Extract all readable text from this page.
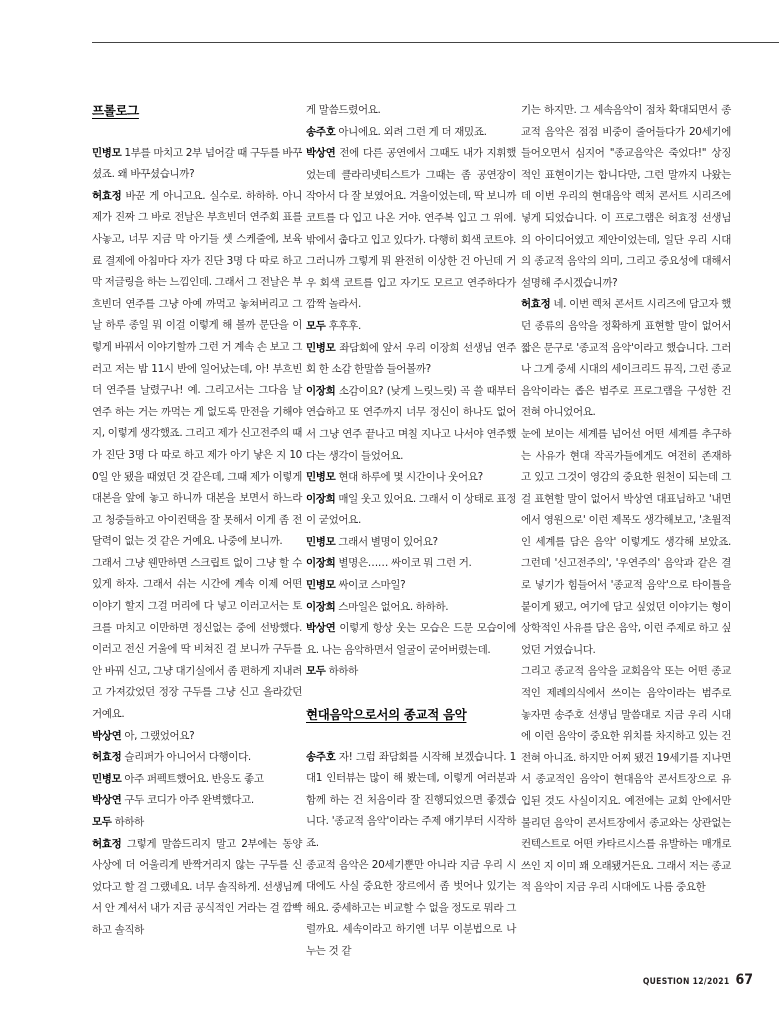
프롤로그

민병모 1부를 마치고 2부 넘어갈 때 구두를 바꾸셨죠. 왜 바꾸셨습니까?

허효정 바꾼 게 아니고요. 실수로. 하하하. 아니 제가 진짜 그 바로 전날은 부흐빈더 연주회 표를 사놓고, 너무 지금 막 아기들 셋 스케줄에, 보육료 결제에 아침마다 자가 진단 3명 다 따로 하고 막 저글링을 하는 느낌인데. 그래서 그 전날은 부흐빈더 연주를 그냥 아예 까먹고 놓쳐버리고 그날 하루 종일 뭐 이걸 이렇게 해 볼까 문단을 이렇게 바꿔서 이야기할까 그런 거 계속 손 보고 그러고 저는 밤 11시 반에 일어났는데, 아! 부흐빈더 연주를 날렸구나! 예. 그리고서는 그다음 날 연주 하는 거는 까먹는 게 없도록 만전을 기해야지, 이렇게 생각했죠. 그리고 제가 신고전주의 때가 진단 3명 다 따로 하고 제가 아기 낳은 지 100일 안 됐을 때였던 것 같은데, 그때 제가 이렇게 대본을 앞에 놓고 하니까 대본을 보면서 하느라고 청중들하고 아이컨택을 잘 못해서 이게 좀 전달력이 없는 것 같은 거예요. 나중에 보니까.

그래서 그냥 웬만하면 스크립트 없이 그냥 할 수 있게 하자. 그래서 쉬는 시간에 계속 이제 어떤 이야기 할지 그걸 머리에 다 넣고 이러고서는 토크를 마치고 이만하면 정신없는 중에 선방했다. 이러고 전신 거울에 딱 비쳐진 걸 보니까 구두를 안 바꿔 신고, 그냥 대기실에서 좀 편하게 지내려고 가져갔었던 정장 구두를 그냥 신고 올라갔던 거예요.

박상연 아, 그랬었어요?

허효정 슬리퍼가 아니어서 다행이다.

민병모 아주 퍼펙트했어요. 반응도 좋고

박상연 구두 코디가 아주 완벽했다고.

모두 하하하

허효정 그렇게 말씀드리지 말고 2부에는 동양 사상에 더 어울리게 반짝거리지 않는 구두를 신었다고 할 걸 그랬네요. 너무 솔직하게. 선생님께서 안 계셔서 내가 지금 공식적인 거라는 걸 깜빡하고 솔직하

게 말씀드렸어요.

송주호 아니에요. 외려 그런 게 더 재밌죠.

박상연 전에 다른 공연에서 그때도 내가 지휘했었는데 클라리넷티스트가 그때는 좀 공연장이 작아서 다 잘 보였어요. 겨울이었는데, 딱 보니까 코트를 다 입고 나온 거야. 연주복 입고 그 위에. 밖에서 춥다고 입고 있다가. 다행히 회색 코트야. 그러니까 그렇게 뭐 완전히 이상한 건 아닌데 거우 회색 코트를 입고 자기도 모르고 연주하다가 깜짝 놀라서.

모두 후후후.

민병모 좌담회에 앞서 우리 이장희 선생님 연주회 한 소감 한말씀 들어볼까?

이장희 소감이요? (낮게 느릿느릿) 곡 쓸 때부터 연습하고 또 연주까지 너무 정신이 하나도 없어서 그냥 연주 끝나고 며칠 지나고 나서야 연주했다는 생각이 들었어요.

민병모 현대 하루에 몇 시간이나 웃어요?

이장희 매일 웃고 있어요. 그래서 이 상태로 표정이 굳었어요.

민병모 그래서 별명이 있어요?

이장희 별명은…… 싸이코 뭐 그런 거.

민병모 싸이코 스마일?

이장희 스마일은 없어요. 하하하.

박상연 이렇게 항상 웃는 모습은 드문 모습이에요. 나는 음악하면서 얼굴이 굳어버렸는데.

모두 하하하

현대음악으로서의 종교적 음악

송주호 자! 그럼 좌담회를 시작해 보겠습니다. 1대1 인터뷰는 많이 해 봤는데, 이렇게 여러분과 함께 하는 건 처음이라 잘 진행되었으면 좋겠습니다. '종교적 음악'이라는 주제 얘기부터 시작하죠.

종교적 음악은 20세기뿐만 아니라 지금 우리 시대에도 사실 중요한 장르에서 좀 벗어나 있기는 해요. 중세하고는 비교할 수 없을 정도로 뭐라 그럴까요. 세속이라고 하기엔 너무 이분법으로 나누는 것 같

기는 하지만. 그 세속음악이 점차 확대되면서 종교적 음악은 점점 비중이 줄어들다가 20세기에 들어오면서 심지어 "종교음악은 죽었다!" 상징적인 표현이기는 합니다만, 그런 말까지 나왔는데 이번 우리의 현대음악 렉처 콘서트 시리즈에 넣게 되었습니다. 이 프로그램은 허효정 선생님의 아이디어였고 제안이었는데, 일단 우리 시대의 종교적 음악의 의미, 그리고 중요성에 대해서 설명해 주시겠습니까?

허효정 네. 이번 렉처 콘서트 시리즈에 담고자 했던 종류의 음악을 정확하게 표현할 말이 없어서 짧은 문구로 '종교적 음악'이라고 했습니다. 그러나 그게 중세 시대의 세이크리드 뮤직, 그런 종교음악이라는 좁은 범주로 프로그램을 구성한 건 전혀 아니었어요.

눈에 보이는 세계를 넘어선 어떤 세계를 추구하는 사유가 현대 작곡가들에게도 여전히 존재하고 있고 그것이 영감의 중요한 원천이 되는데 그걸 표현할 말이 없어서 박상연 대표님하고 '내면에서 영원으로' 이런 제목도 생각해보고, '초월적인 세계를 담은 음악' 이렇게도 생각해 보았죠. 그런데 '신고전주의', '우연주의' 음악과 같은 결로 넣기가 힘들어서 '종교적 음악'으로 타이틀을 붙이게 됐고, 여기에 담고 싶었던 이야기는 형이상학적인 사유를 담은 음악, 이런 주제로 하고 싶었던 거였습니다.

그리고 종교적 음악을 교회음악 또는 어떤 종교적인 제례의식에서 쓰이는 음악이라는 범주로 놓자면 송주호 선생님 말씀대로 지금 우리 시대에 이런 음악이 중요한 위치를 차지하고 있는 건 전혀 아니죠. 하지만 어찌 됐건 19세기를 지나면서 종교적인 음악이 현대음악 콘서트장으로 유입된 것도 사실이지요. 예전에는 교회 안에서만 불리던 음악이 콘서트장에서 종교와는 상관없는 컨텍스트로 어떤 카타르시스를 유발하는 매개로 쓰인 지 이미 꽤 오래됐거든요. 그래서 저는 종교적 음악이 지금 우리 시대에도 나름 중요한

QUESTION 12/2021 67
